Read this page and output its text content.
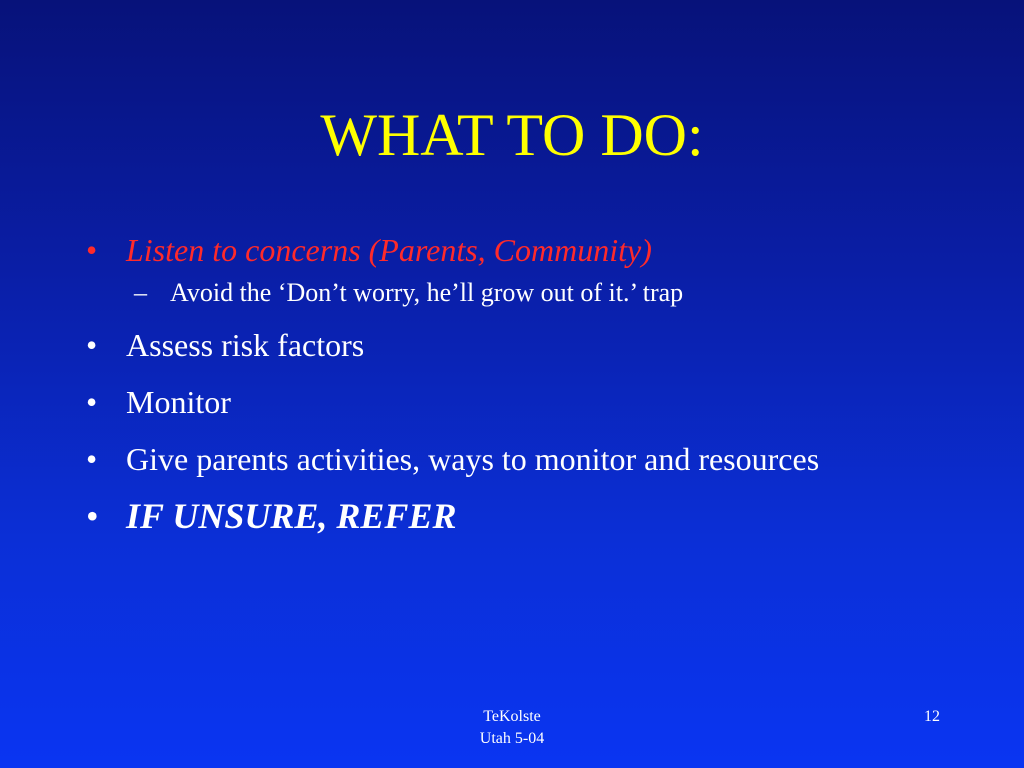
WHAT TO DO:
• Listen to concerns (Parents, Community)
– Avoid the ‘Don’t worry, he’ll grow out of it.’ trap
• Assess risk factors
• Monitor
• Give parents activities, ways to monitor and resources
• IF UNSURE, REFER
TeKolste
Utah 5-04
12
